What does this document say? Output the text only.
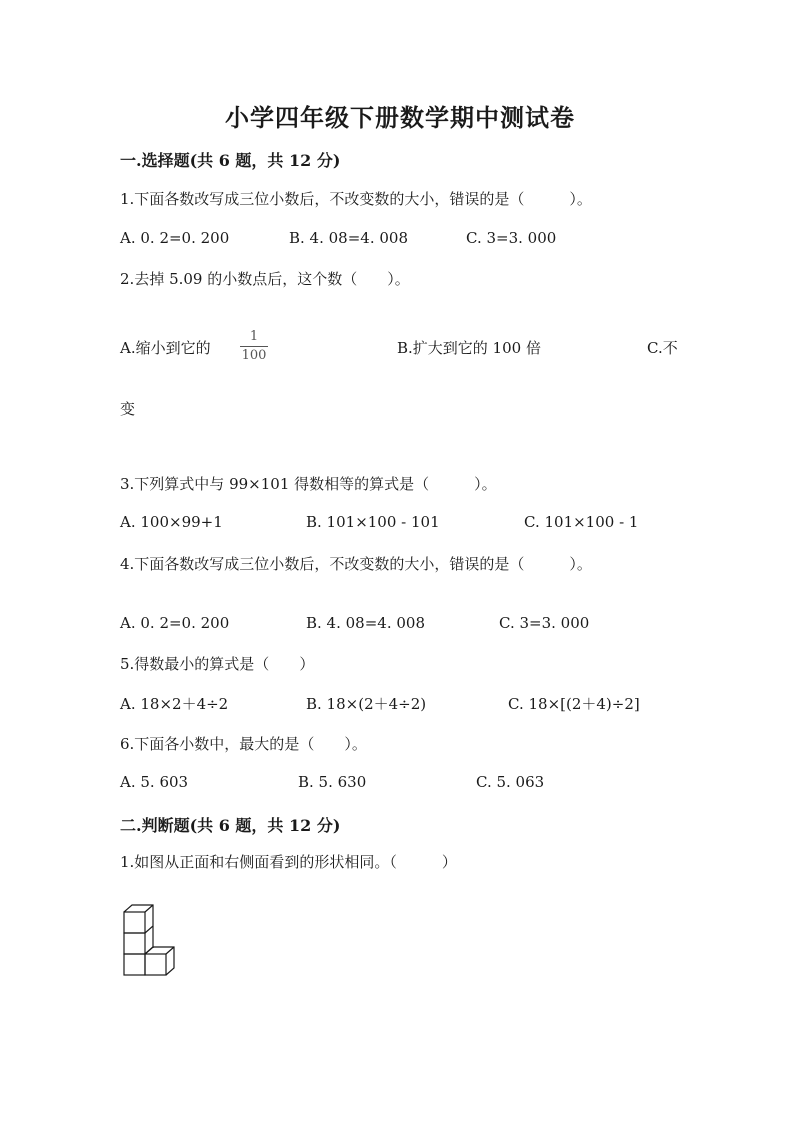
小学四年级下册数学期中测试卷
一.选择题(共 6 题，共 12 分)
1.下面各数改写成三位小数后，不改变数的大小，错误的是（　　　）。
A. 0. 2=0. 200	B. 4. 08=4. 008	C. 3=3. 000
2.去掉 5.09 的小数点后，这个数（　　）。
A.缩小到它的
1
100	B.扩大到它的 100 倍	C.不
变
3.下列算式中与 99×101 得数相等的算式是（　　　）。
A. 100×99+1	B. 101×100 - 101	C. 101×100 - 1
4.下面各数改写成三位小数后，不改变数的大小，错误的是（　　　）。
A. 0. 2=0. 200	B. 4. 08=4. 008	C. 3=3. 000
5.得数最小的算式是（　　）
A. 18×2＋4÷2	B. 18×(2＋4÷2)	C. 18×[(2＋4)÷2]
6.下面各小数中，最大的是（　　）。
A. 5. 603	B. 5. 630	C. 5. 063
二.判断题(共 6 题，共 12 分)
1.如图从正面和右侧面看到的形状相同。（　　　）
